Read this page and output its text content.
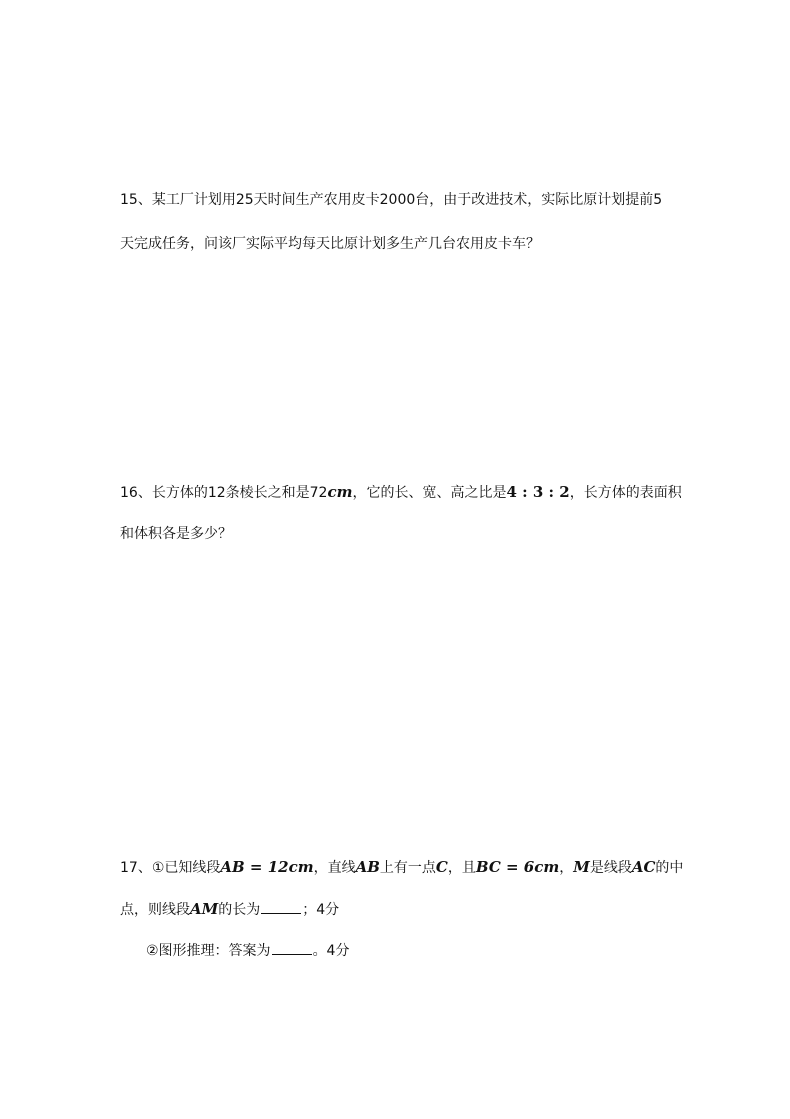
15、某工厂计划用25天时间生产农用皮卡2000台，由于改进技术，实际比原计划提前5
天完成任务，问该厂实际平均每天比原计划多生产几台农用皮卡车？
16、长方体的12条棱长之和是72cm，它的长、宽、高之比是4 : 3 : 2，长方体的表面积
和体积各是多少？
17、①已知线段AB = 12cm，直线AB上有一点C，且BC = 6cm，M是线段AC的中
点，则线段AM的长为	；4分
②图形推理：答案为	。4分
